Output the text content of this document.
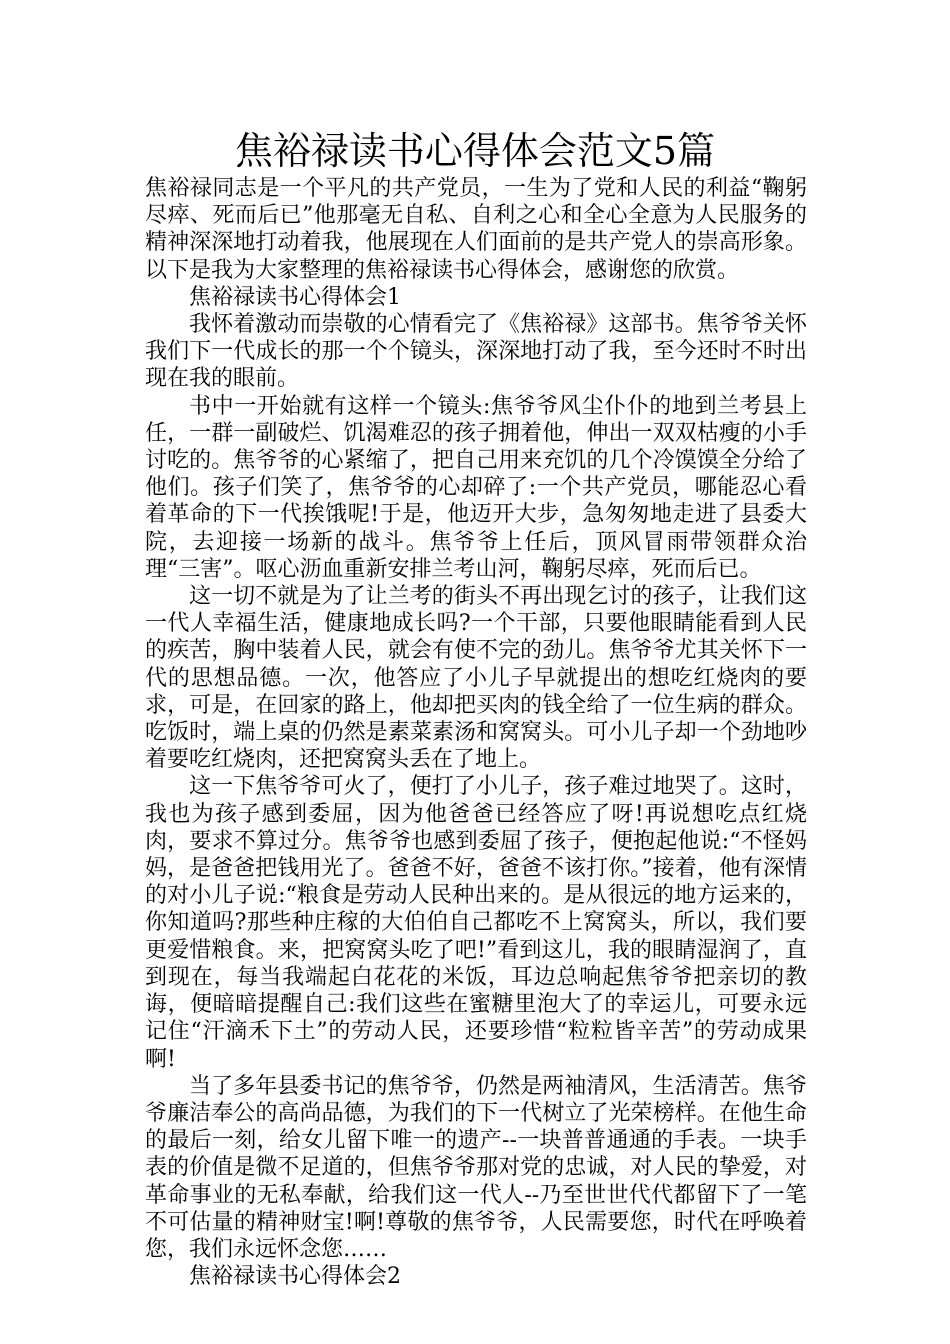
焦裕禄读书心得体会范文5篇

焦裕禄同志是一个平凡的共产党员，一生为了党和人民的利益“鞠躬尽瘁、死而后已”他那毫无自私、自利之心和全心全意为人民服务的精神深深地打动着我，他展现在人们面前的是共产党人的崇高形象。以下是我为大家整理的焦裕禄读书心得体会，感谢您的欣赏。

焦裕禄读书心得体会1

我怀着激动而崇敬的心情看完了《焦裕禄》这部书。焦爷爷关怀我们下一代成长的那一个个镜头，深深地打动了我，至今还时不时出现在我的眼前。

书中一开始就有这样一个镜头:焦爷爷风尘仆仆的地到兰考县上任，一群一副破烂、饥渴难忍的孩子拥着他，伸出一双双枯瘦的小手讨吃的。焦爷爷的心紧缩了，把自己用来充饥的几个冷馍馍全分给了他们。孩子们笑了，焦爷爷的心却碎了:一个共产党员，哪能忍心看着革命的下一代挨饿呢!于是，他迈开大步，急匆匆地走进了县委大院，去迎接一场新的战斗。焦爷爷上任后，顶风冒雨带领群众治理“三害”。呕心沥血重新安排兰考山河，鞠躬尽瘁，死而后已。

这一切不就是为了让兰考的街头不再出现乞讨的孩子，让我们这一代人幸福生活，健康地成长吗?一个干部，只要他眼睛能看到人民的疾苦，胸中装着人民，就会有使不完的劲儿。焦爷爷尤其关怀下一代的思想品德。一次，他答应了小儿子早就提出的想吃红烧肉的要求，可是，在回家的路上，他却把买肉的钱全给了一位生病的群众。吃饭时，端上桌的仍然是素菜素汤和窝窝头。可小儿子却一个劲地吵着要吃红烧肉，还把窝窝头丢在了地上。

这一下焦爷爷可火了，便打了小儿子，孩子难过地哭了。这时，我也为孩子感到委屈，因为他爸爸已经答应了呀!再说想吃点红烧肉，要求不算过分。焦爷爷也感到委屈了孩子，便抱起他说:“不怪妈妈，是爸爸把钱用光了。爸爸不好，爸爸不该打你。”接着，他有深情的对小儿子说:“粮食是劳动人民种出来的。是从很远的地方运来的，你知道吗?那些种庄稼的大伯伯自己都吃不上窝窝头，所以，我们要更爱惜粮食。来，把窝窝头吃了吧!”看到这儿，我的眼睛湿润了，直到现在，每当我端起白花花的米饭，耳边总响起焦爷爷把亲切的教诲，便暗暗提醒自己:我们这些在蜜糖里泡大了的幸运儿，可要永远记住“汗滴禾下土”的劳动人民，还要珍惜“粒粒皆辛苦”的劳动成果啊!

当了多年县委书记的焦爷爷，仍然是两袖清风，生活清苦。焦爷爷廉洁奉公的高尚品德，为我们的下一代树立了光荣榜样。在他生命的最后一刻，给女儿留下唯一的遗产--一块普普通通的手表。一块手表的价值是微不足道的，但焦爷爷那对党的忠诚，对人民的挚爱，对革命事业的无私奉献，给我们这一代人--乃至世世代代都留下了一笔不可估量的精神财宝!啊!尊敬的焦爷爷，人民需要您，时代在呼唤着您，我们永远怀念您……

焦裕禄读书心得体会2
